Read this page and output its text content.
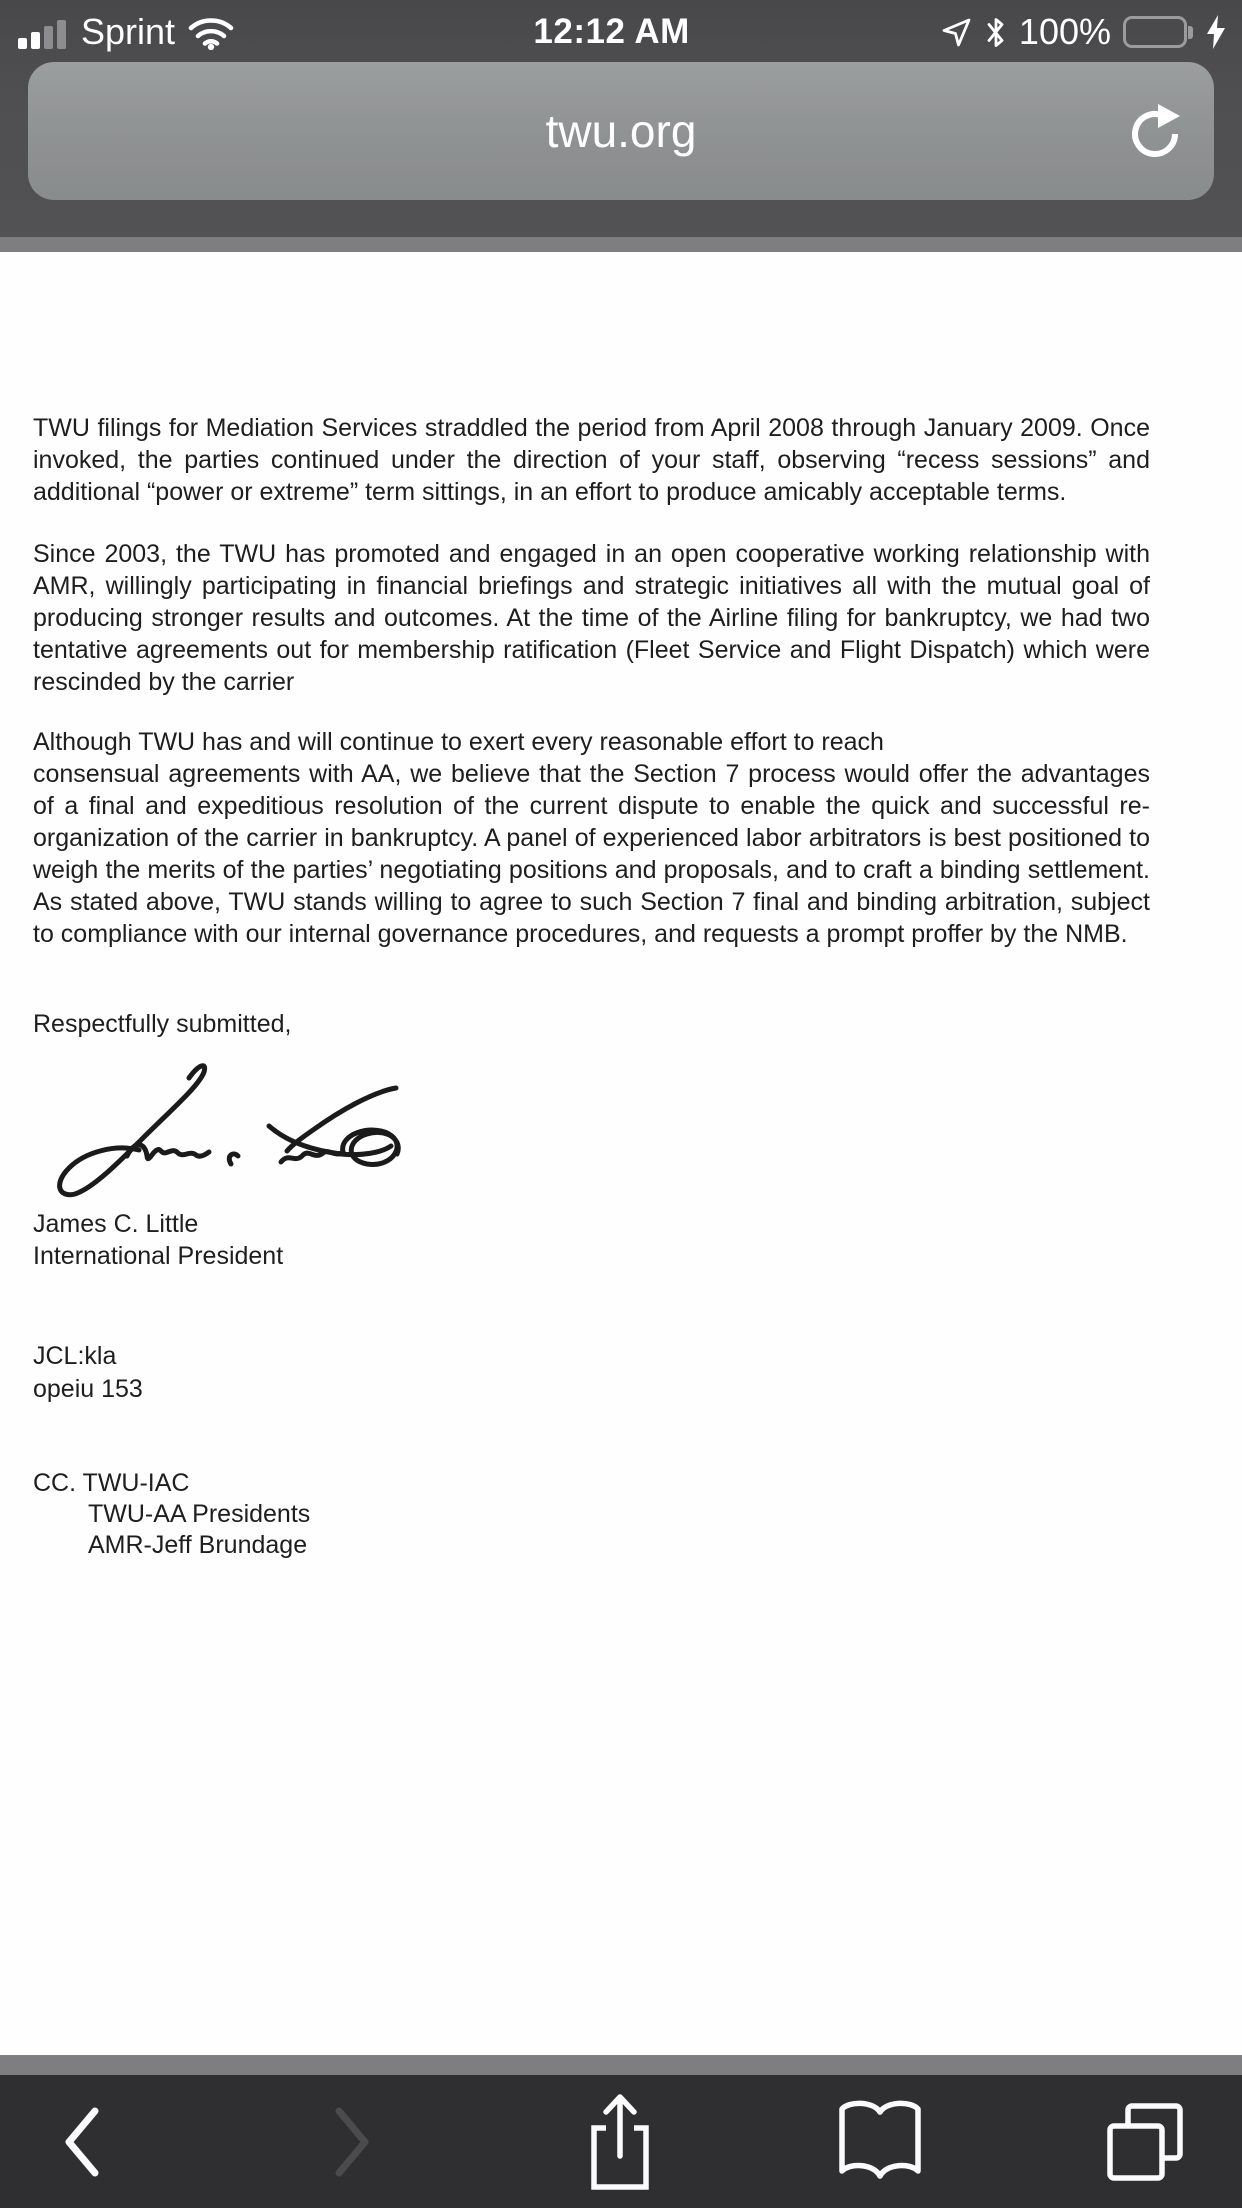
Sprint	12:12 AM	100%
twu.org

TWU filings for Mediation Services straddled the period from April 2008 through January 2009. Once invoked, the parties continued under the direction of your staff, observing “recess sessions” and additional “power or extreme” term sittings, in an effort to produce amicably acceptable terms.

Since 2003, the TWU has promoted and engaged in an open cooperative working relationship with AMR, willingly participating in financial briefings and strategic initiatives all with the mutual goal of producing stronger results and outcomes. At the time of the Airline filing for bankruptcy, we had two tentative agreements out for membership ratification (Fleet Service and Flight Dispatch) which were rescinded by the carrier

Although TWU has and will continue to exert every reasonable effort to reach

consensual agreements with AA, we believe that the Section 7 process would offer the advantages of a final and expeditious resolution of the current dispute to enable the quick and successful re-organization of the carrier in bankruptcy. A panel of experienced labor arbitrators is best positioned to weigh the merits of the parties’ negotiating positions and proposals, and to craft a binding settlement. As stated above, TWU stands willing to agree to such Section 7 final and binding arbitration, subject to compliance with our internal governance procedures, and requests a prompt proffer by the NMB.

Respectfully submitted,
James C. Little
International President
JCL:kla
opeiu 153
CC. TWU-IAC
TWU-AA Presidents
AMR-Jeff Brundage
